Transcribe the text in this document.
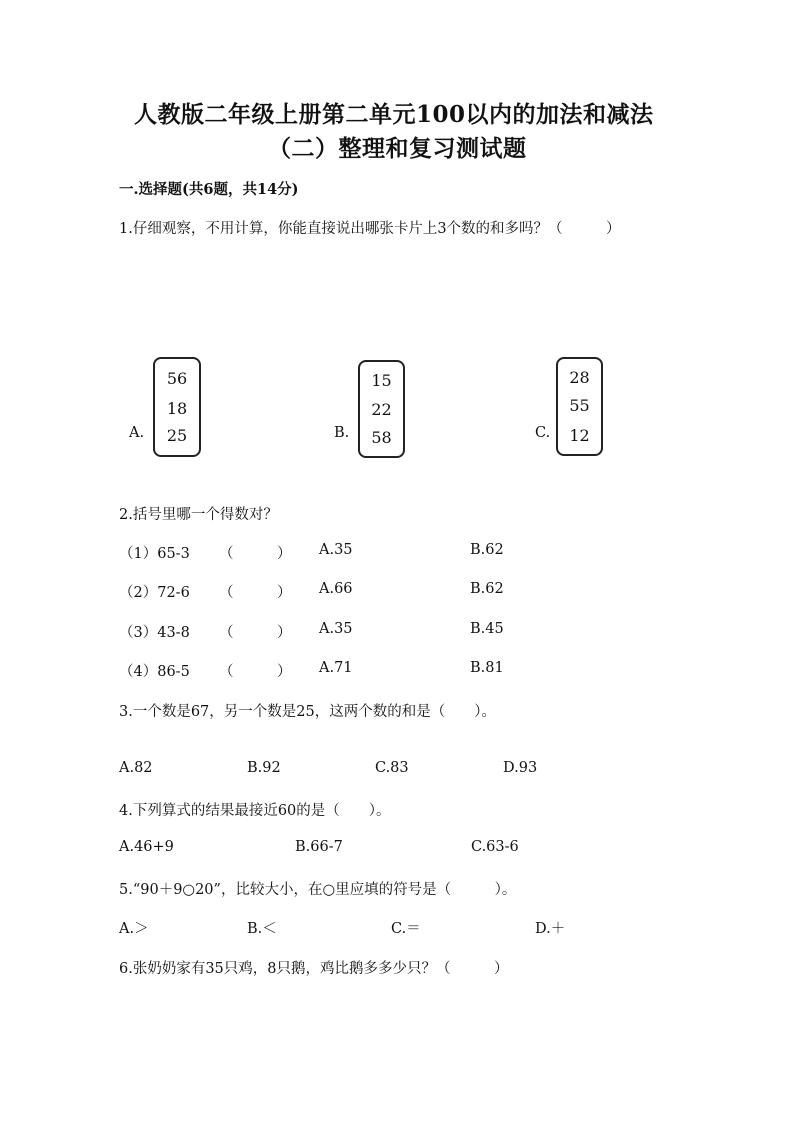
人教版二年级上册第二单元100以内的加法和减法
（二）整理和复习测试题
一.选择题(共6题，共14分)
1.仔细观察，不用计算，你能直接说出哪张卡片上3个数的和多吗？（　　　）
A.
56
18
25	B.
15
22
58	C.
28
55
12
2.括号里哪一个得数对？
（1）65-3 （　　　） A.35	B.62
（2）72-6 （　　　） A.66	B.62
（3）43-8 （　　　） A.35	B.45
（4）86-5 （　　　） A.71	B.81
3.一个数是67，另一个数是25，这两个数的和是（　　）。
A.82	B.92	C.83	D.93
4.下列算式的结果最接近60的是（　　）。
A.46+9	B.66-7	C.63-6
5.“90＋9○20”，比较大小，在○里应填的符号是（　　　）。
A.＞	B.＜	C.＝	D.＋
6.张奶奶家有35只鸡，8只鹅，鸡比鹅多多少只？（　　　）
